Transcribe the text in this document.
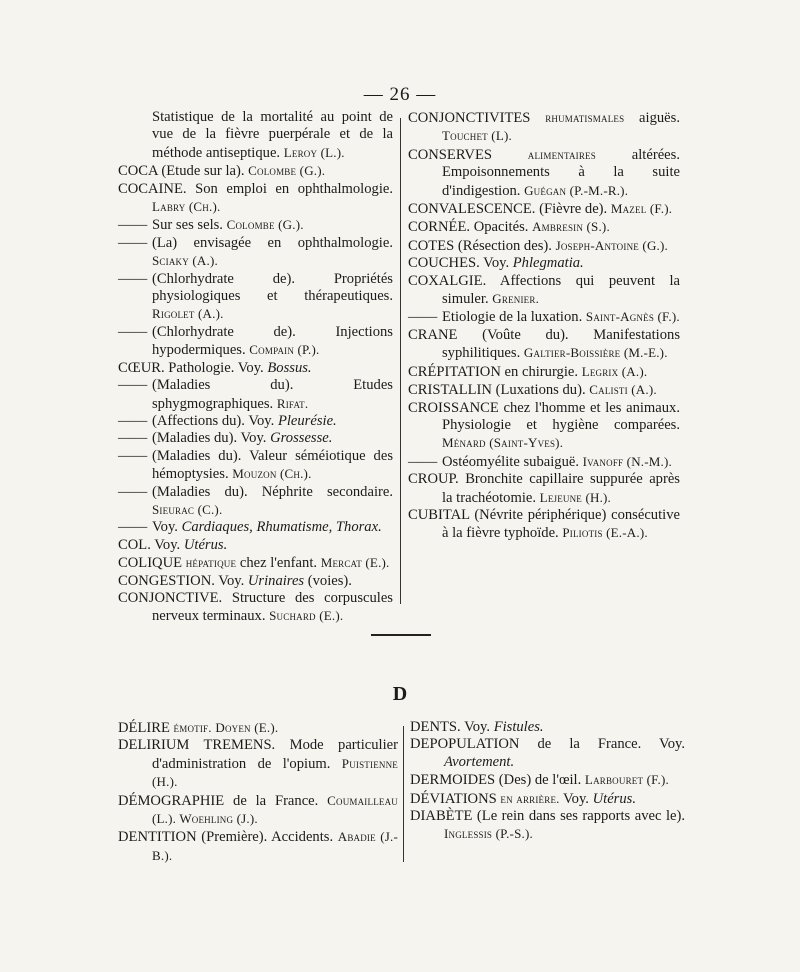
— 26 —
Statistique de la mortalité au point de vue de la fièvre puerpérale et de la méthode antiseptique. Leroy (L.).
COCA (Etude sur la). Colombe (G.).
COCAINE. Son emploi en ophthalmologie. Labry (Ch.).
—— Sur ses sels. Colombe (G.).
—— (La) envisagée en ophthalmologie. Sciaky (A.).
—— (Chlorhydrate de). Propriétés physiologiques et thérapeutiques. Rigolet (A.).
—— (Chlorhydrate de). Injections hypodermiques. Compain (P.).
CŒUR. Pathologie. Voy. Bossus.
—— (Maladies du). Etudes sphygmographiques. Rifat.
—— (Affections du). Voy. Pleurésie.
—— (Maladies du). Voy. Grossesse.
—— (Maladies du). Valeur séméiotique des hémoptysies. Mouzon (Ch.).
—— (Maladies du). Néphrite secondaire. Sieurac (C.).
—— Voy. Cardiaques, Rhumatisme, Thorax.
COL. Voy. Utérus.
COLIQUE hépatique chez l'enfant. Mercat (E.).
CONGESTION. Voy. Urinaires (voies).
CONJONCTIVE. Structure des corpuscules nerveux terminaux. Suchard (E.).
CONJONCTIVITES rhumatismales aiguës. Touchet (L).
CONSERVES	alimentaires altérées. Empoisonnements à la suite d'indigestion. Guégan (P.-M.-R.).
CONVALESCENCE. (Fièvre de). Mazel (F.).
CORNÉE. Opacités. Ambresin (S.).
COTES (Résection des). Joseph-Antoine (G.).
COUCHES. Voy. Phlegmatia.
COXALGIE. Affections qui peuvent la simuler. Grenier.
—— Etiologie de la luxation. Saint-Agnès (F.).
CRANE (Voûte du). Manifestations syphilitiques. Galtier-Boissière (M.-E.).
CRÉPITATION en chirurgie. Legrix (A.).
CRISTALLIN (Luxations du). Calisti (A.).
CROISSANCE chez l'homme et les animaux. Physiologie et hygiène comparées. Ménard (Saint-Yves).
—— Ostéomyélite subaiguë. Ivanoff (N.-M.).
CROUP. Bronchite capillaire suppurée après la trachéotomie. Lejeune (H.).
CUBITAL (Névrite périphérique) consécutive à la fièvre typhoïde. Piliotis (E.-A.).
D
DÉLIRE émotif. Doyen (E.).
DELIRIUM TREMENS. Mode particulier d'administration de l'opium. Puistienne (H.).
DÉMOGRAPHIE de la France. Coumailleau (L.). Woehling (J.).
DENTITION (Première). Accidents. Abadie (J.-B.).
DENTS. Voy. Fistules.
DEPOPULATION de la France. Voy. Avortement.
DERMOIDES (Des) de l'œil. Larbouret (F.).
DÉVIATIONS en arrière. Voy. Utérus.
DIABÈTE (Le rein dans ses rapports avec le). Inglessis (P.-S.).
